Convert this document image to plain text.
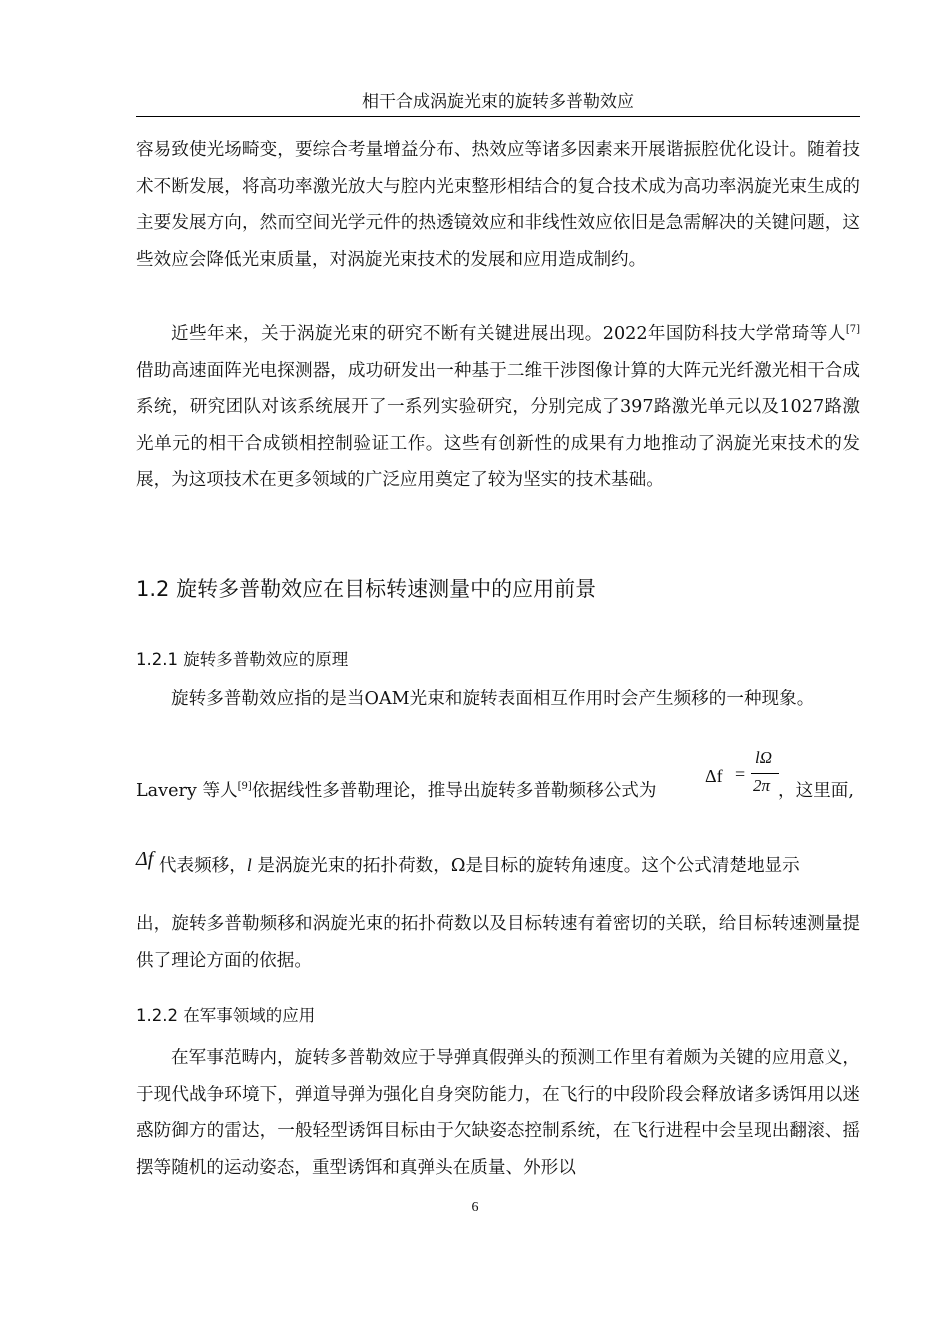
相干合成涡旋光束的旋转多普勒效应
容易致使光场畸变，要综合考量增益分布、热效应等诸多因素来开展谐振腔优化设计。随着技术不断发展，将高功率激光放大与腔内光束整形相结合的复合技术成为高功率涡旋光束生成的主要发展方向，然而空间光学元件的热透镜效应和非线性效应依旧是急需解决的关键问题，这些效应会降低光束质量，对涡旋光束技术的发展和应用造成制约。
近些年来，关于涡旋光束的研究不断有关键进展出现。2022年国防科技大学常琦等人[7]借助高速面阵光电探测器，成功研发出一种基于二维干涉图像计算的大阵元光纤激光相干合成系统，研究团队对该系统展开了一系列实验研究，分别完成了397路激光单元以及1027路激光单元的相干合成锁相控制验证工作。这些有创新性的成果有力地推动了涡旋光束技术的发展，为这项技术在更多领域的广泛应用奠定了较为坚实的技术基础。
1.2 旋转多普勒效应在目标转速测量中的应用前景
1.2.1 旋转多普勒效应的原理
旋转多普勒效应指的是当OAM光束和旋转表面相互作用时会产生频移的一种现象。
Lavery 等人[9]依据线性多普勒理论，推导出旋转多普勒频移公式为
Δf =
lΩ
2π ，这里面,
Δf 代表频移，l 是涡旋光束的拓扑荷数，Ω是目标的旋转角速度。这个公式清楚地显示
出，旋转多普勒频移和涡旋光束的拓扑荷数以及目标转速有着密切的关联，给目标转速测量提供了理论方面的依据。
1.2.2 在军事领域的应用
在军事范畴内，旋转多普勒效应于导弹真假弹头的预测工作里有着颇为关键的应用意义，于现代战争环境下，弹道导弹为强化自身突防能力，在飞行的中段阶段会释放诸多诱饵用以迷惑防御方的雷达，一般轻型诱饵目标由于欠缺姿态控制系统，在飞行进程中会呈现出翻滚、摇摆等随机的运动姿态，重型诱饵和真弹头在质量、外形以
6
